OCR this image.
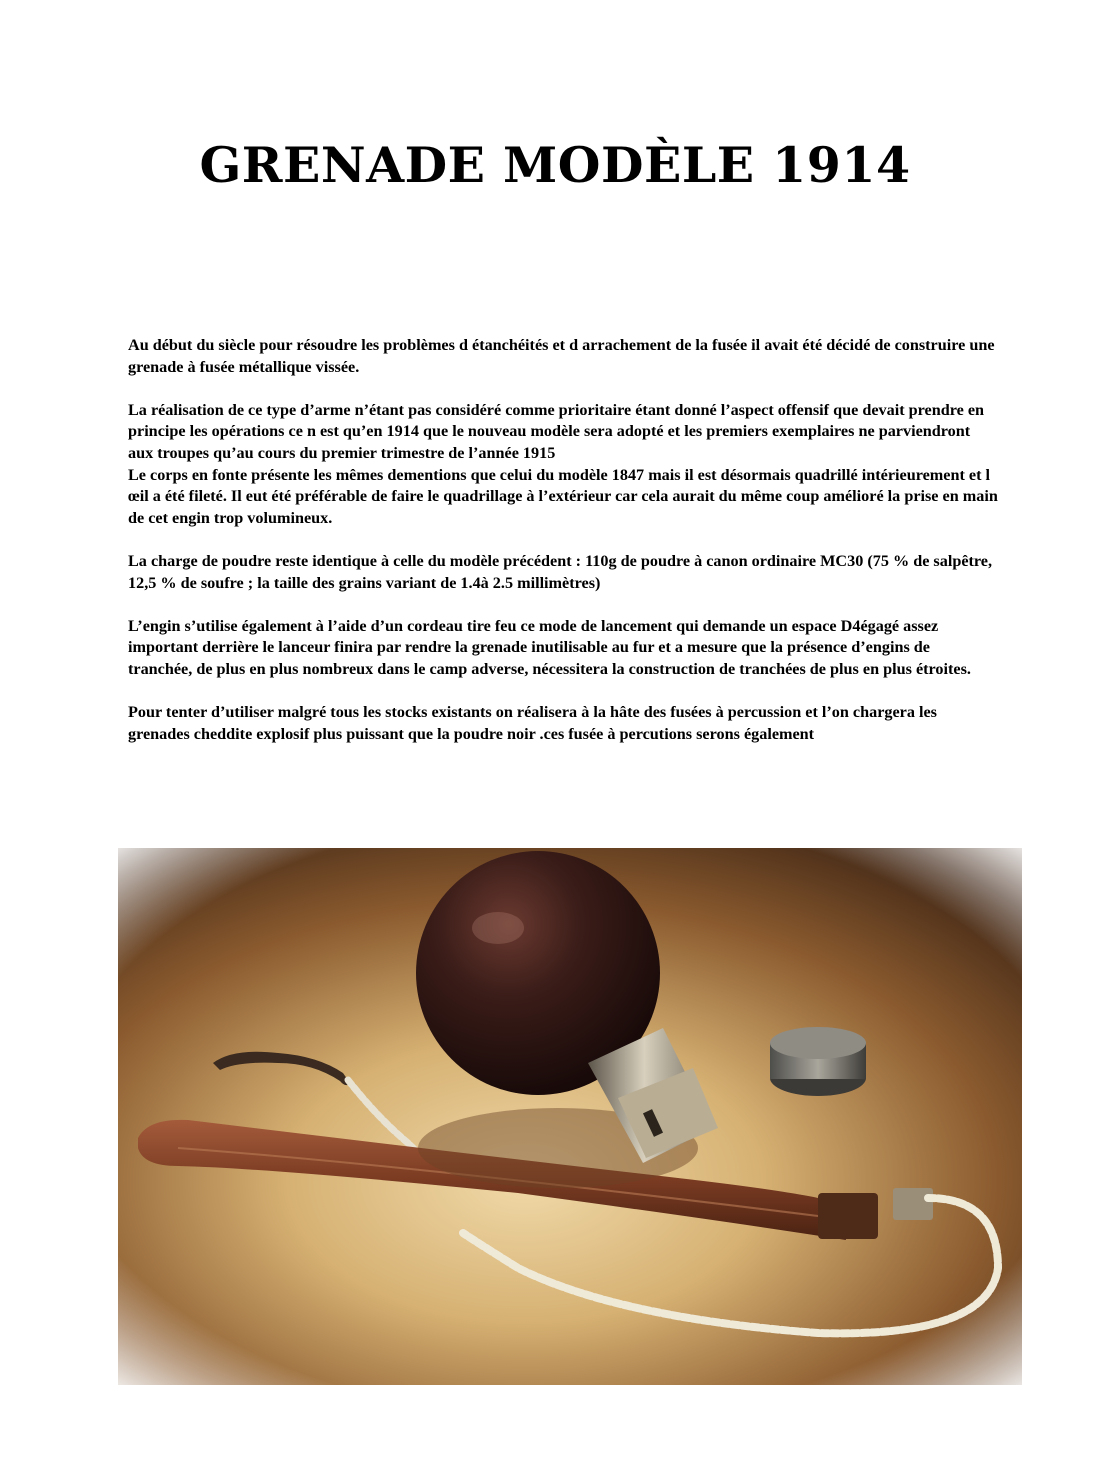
GRENADE MODÈLE 1914

Au début du siècle pour résoudre les problèmes d étanchéités et d arrachement de la fusée il avait été décidé de construire une grenade à fusée métallique vissée.

La réalisation de ce type d’arme n’étant pas considéré comme prioritaire étant donné l’aspect offensif que devait prendre en principe les opérations ce n est qu’en 1914 que le nouveau modèle sera adopté et les premiers exemplaires ne parviendront aux troupes qu’au cours du premier trimestre de l’année 1915
Le corps en fonte présente les mêmes dementions que celui du modèle 1847 mais il est désormais quadrillé intérieurement et l œil a été fileté. Il eut été préférable de faire le quadrillage à l’extérieur car cela aurait du même coup amélioré la prise en main de cet engin trop volumineux.

La charge de poudre reste identique à celle du modèle précédent : 110g de poudre à canon ordinaire MC30 (75 % de salpêtre, 12,5 % de soufre ; la taille des grains variant de 1.4à 2.5 millimètres)

L’engin s’utilise également à l’aide d’un cordeau tire feu ce mode de lancement qui demande un espace D4égagé assez important derrière le lanceur finira par rendre la grenade inutilisable au fur et a mesure que la présence d’engins de tranchée, de plus en plus nombreux dans le camp adverse, nécessitera la construction de tranchées de plus en plus étroites.

Pour tenter d’utiliser malgré tous les stocks existants on réalisera à la hâte des fusées à percussion et l’on chargera les grenades cheddite explosif plus puissant que la poudre noir .ces fusée à percutions serons également
